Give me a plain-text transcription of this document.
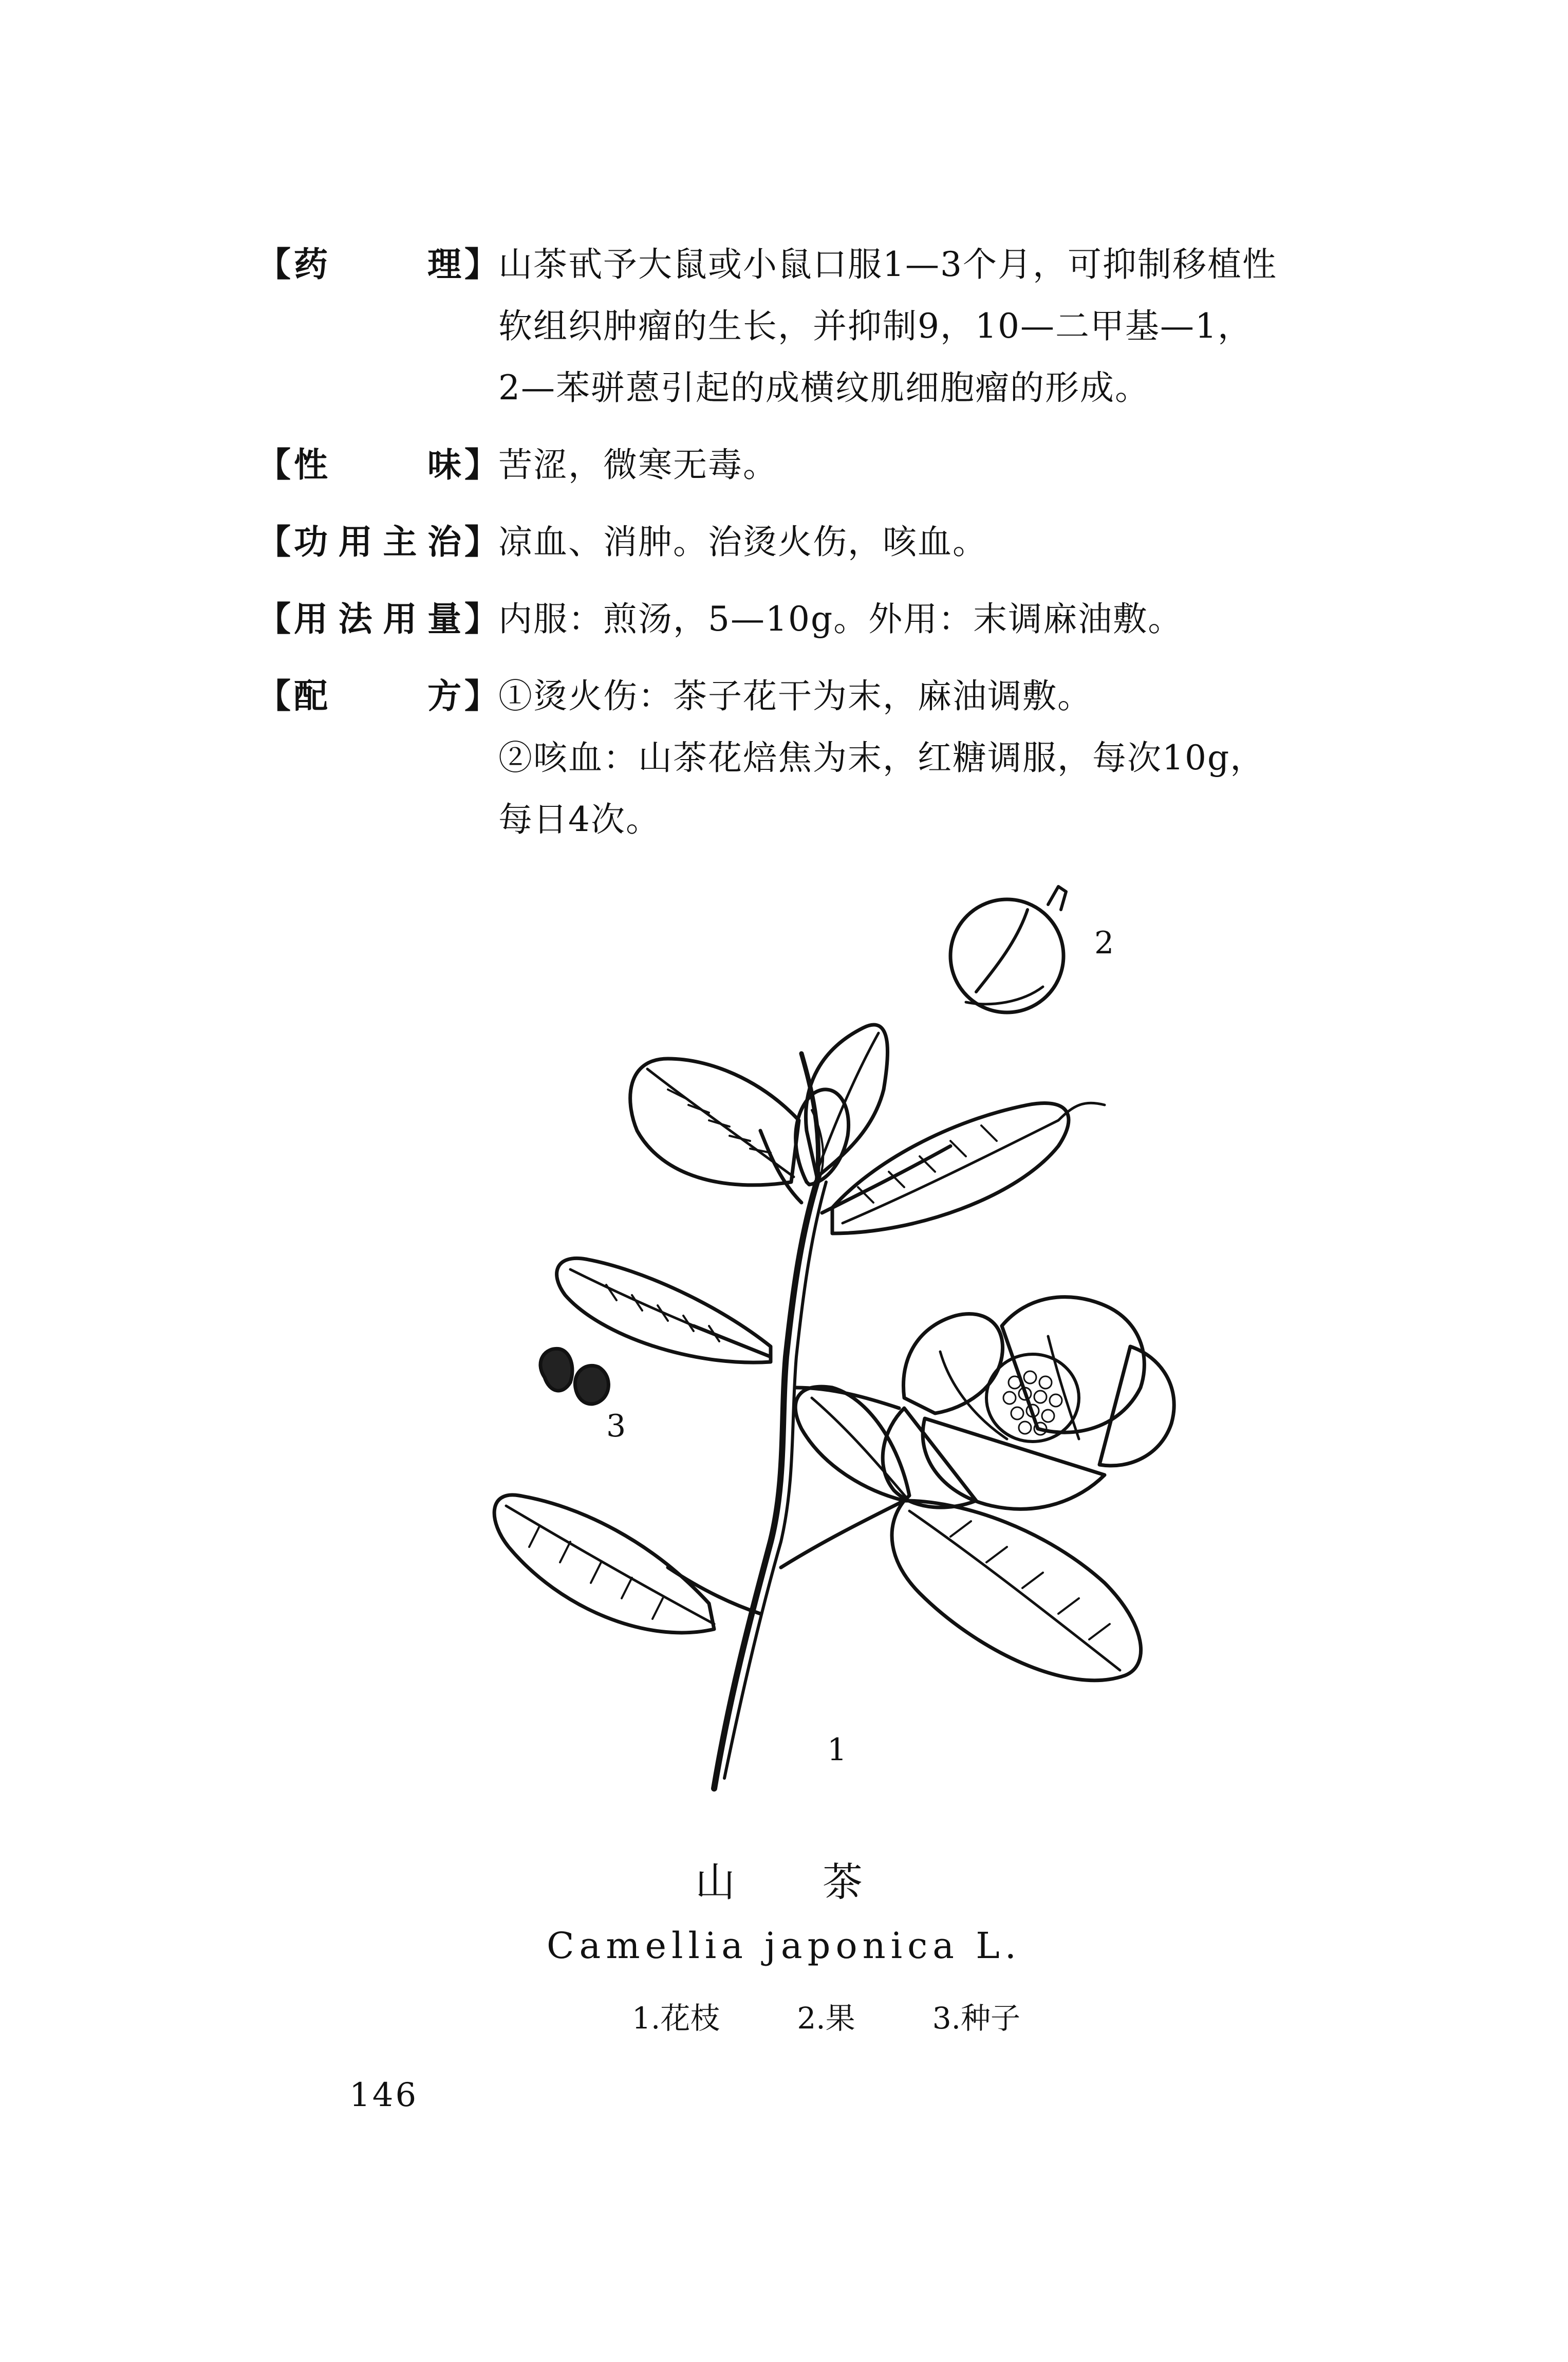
【 药	理 】 山茶甙予大鼠或小鼠口服1—3个月，可抑制移植性
软组织肿瘤的生长，并抑制9，10—二甲基—1，
2—苯骈蒽引起的成横纹肌细胞瘤的形成。
【 性	味 】 苦涩，微寒无毒。
【 功 用 主 治 】 凉血、消肿。治烫火伤，咳血。
【 用 法 用 量 】 内服：煎汤，5—10g。外用：末调麻油敷。
【 配	方 】 ①烫火伤：茶子花干为末，麻油调敷。
②咳血：山茶花焙焦为末，红糖调服，每次10g，
每日4次。
1
2
3
山茶
Camellia japonica L.
1.花枝	2.果	3.种子
146
